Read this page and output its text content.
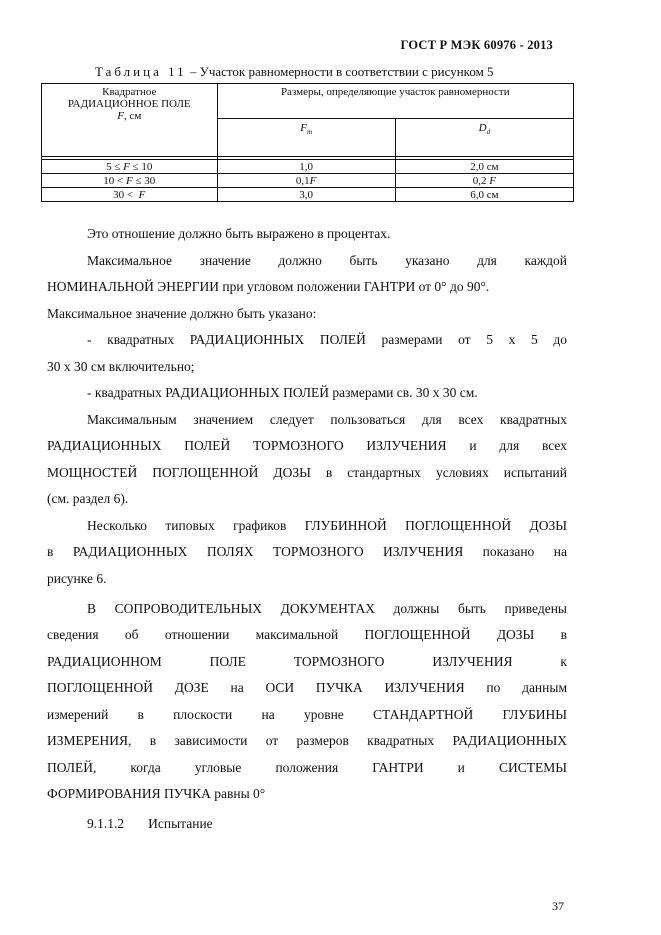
ГОСТ Р МЭК 60976 - 2013
Таблица 11 – Участок равномерности в соответствии с рисунком 5
Квадратное
РАДИАЦИОННОЕ ПОЛЕ
F, см	Размеры, определяющие участок равномерности	
	$F_m$	$D_d$

5 ≤ F ≤ 10	1,0	2,0 см
10 < F ≤ 30	0,1F	0,2 F
30 <  F	3,0	6,0 см

Это отношение должно быть выражено в процентах.

Максимальное значение должно быть указано для каждой

НОМИНАЛЬНОЙ ЭНЕРГИИ при угловом положении ГАНТРИ от 0° до 90°.

Максимальное значение должно быть указано:

- квадратных РАДИАЦИОННЫХ ПОЛЕЙ размерами от 5 х 5 до

30 х 30 см включительно;

- квадратных РАДИАЦИОННЫХ ПОЛЕЙ размерами св. 30 х 30 см.

Максимальным значением следует пользоваться для всех квадратных

РАДИАЦИОННЫХ ПОЛЕЙ ТОРМОЗНОГО ИЗЛУЧЕНИЯ и для всех

МОЩНОСТЕЙ ПОГЛОЩЕННОЙ ДОЗЫ в стандартных условиях испытаний

(см. раздел 6).

Несколько типовых графиков ГЛУБИННОЙ ПОГЛОЩЕННОЙ ДОЗЫ

в РАДИАЦИОННЫХ ПОЛЯХ ТОРМОЗНОГО ИЗЛУЧЕНИЯ показано на

рисунке 6.

В СОПРОВОДИТЕЛЬНЫХ ДОКУМЕНТАХ должны быть приведены

сведения об отношении максимальной ПОГЛОЩЕННОЙ ДОЗЫ в

РАДИАЦИОННОМ ПОЛЕ ТОРМОЗНОГО ИЗЛУЧЕНИЯ к

ПОГЛОЩЕННОЙ ДОЗЕ на ОСИ ПУЧКА ИЗЛУЧЕНИЯ по данным

измерений в плоскости на уровне СТАНДАРТНОЙ ГЛУБИНЫ

ИЗМЕРЕНИЯ, в зависимости от размеров квадратных РАДИАЦИОННЫХ

ПОЛЕЙ, когда угловые положения ГАНТРИ и СИСТЕМЫ

ФОРМИРОВАНИЯ ПУЧКА равны 0°

9.1.1.2 Испытание

37
